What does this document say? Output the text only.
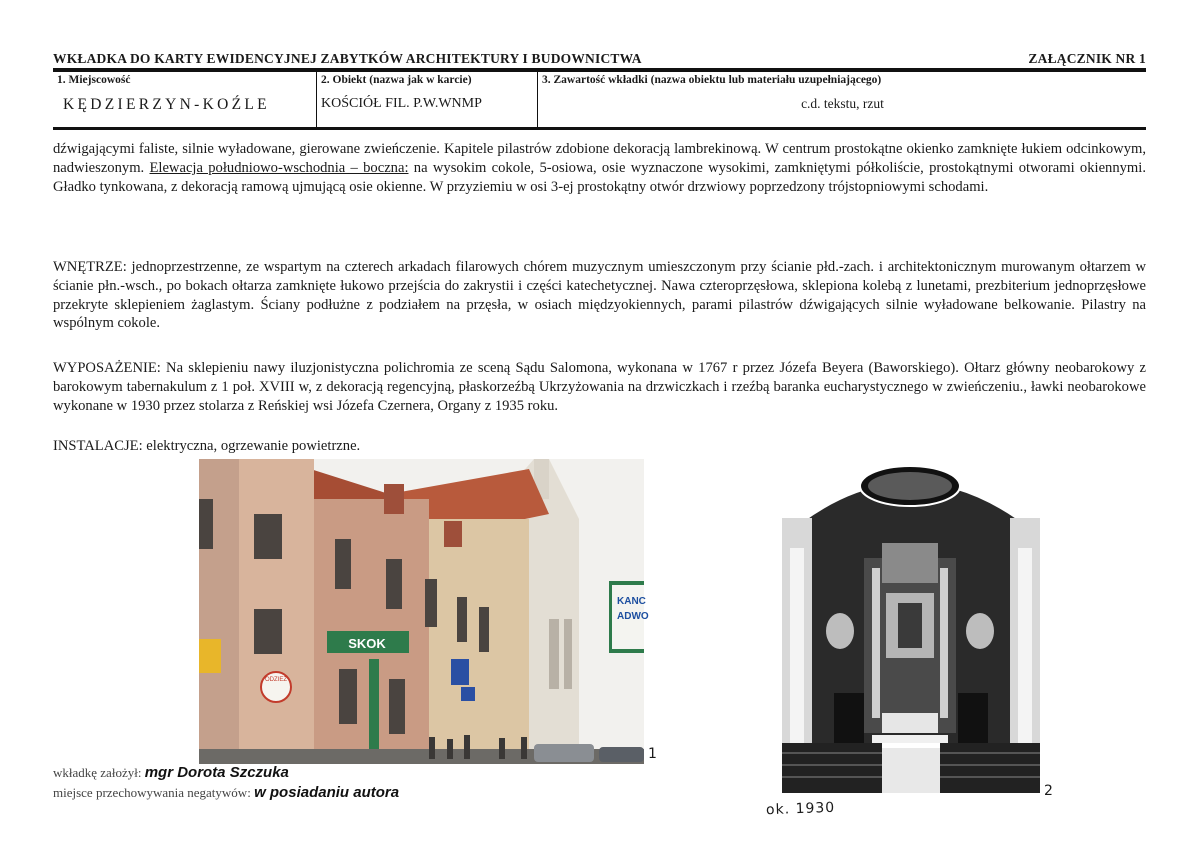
WKŁADKA DO KARTY EWIDENCYJNEJ ZABYTKÓW ARCHITEKTURY I BUDOWNICTWA	ZAŁĄCZNIK NR 1
1. Miejscowość
KĘDZIERZYN-KOŹLE
2. Obiekt (nazwa jak w karcie)
KOŚCIÓŁ FIL. P.W.WNMP
3. Zawartość wkładki (nazwa obiektu lub materiału uzupełniającego)
c.d. tekstu, rzut
dźwigającymi faliste, silnie wyładowane, gierowane zwieńczenie. Kapitele pilastrów zdobione dekoracją lambrekinową. W centrum prostokątne okienko zamknięte łukiem odcinkowym, nadwieszonym. Elewacja południowo-wschodnia – boczna: na wysokim cokole, 5-osiowa, osie wyznaczone wysokimi, zamkniętymi półkoliście, prostokątnymi otworami okiennymi. Gładko tynkowana, z dekoracją ramową ujmującą osie okienne. W przyziemiu w osi 3-ej prostokątny otwór drzwiowy poprzedzony trójstopniowymi schodami.
WNĘTRZE: jednoprzestrzenne, ze wspartym na czterech arkadach filarowych chórem muzycznym umieszczonym przy ścianie płd.-zach. i architektonicznym murowanym ołtarzem w ścianie płn.-wsch., po bokach ołtarza zamknięte łukowo przejścia do zakrystii i części katechetycznej. Nawa czteroprzęsłowa, sklepiona kolebą z lunetami, prezbiterium jednoprzęsłowe przekryte sklepieniem żaglastym. Ściany podłużne z podziałem na przęsła, w osiach międzyokiennych, parami pilastrów dźwigających silnie wyładowane belkowanie. Pilastry na wspólnym cokole.
WYPOSAŻENIE: Na sklepieniu nawy iluzjonistyczna polichromia ze sceną Sądu Salomona, wykonana w 1767 r przez Józefa Beyera (Baworskiego). Ołtarz główny neobarokowy z barokowym tabernakulum z 1 poł. XVIII w, z dekoracją regencyjną, płaskorzeźbą Ukrzyżowania na drzwiczkach i rzeźbą baranka eucharystycznego w zwieńczeniu., ławki neobarokowe wykonane w 1930 przez stolarza z Reńskiej wsi Józefa Czernera, Organy z 1935 roku.
INSTALACJE: elektryczna, ogrzewanie powietrzne.
SKOK
ODZIEŻ
KANC
ADWO
1
2
ok. 1930
wkładkę założył: mgr Dorota Szczuka
miejsce przechowywania negatywów: w posiadaniu autora
